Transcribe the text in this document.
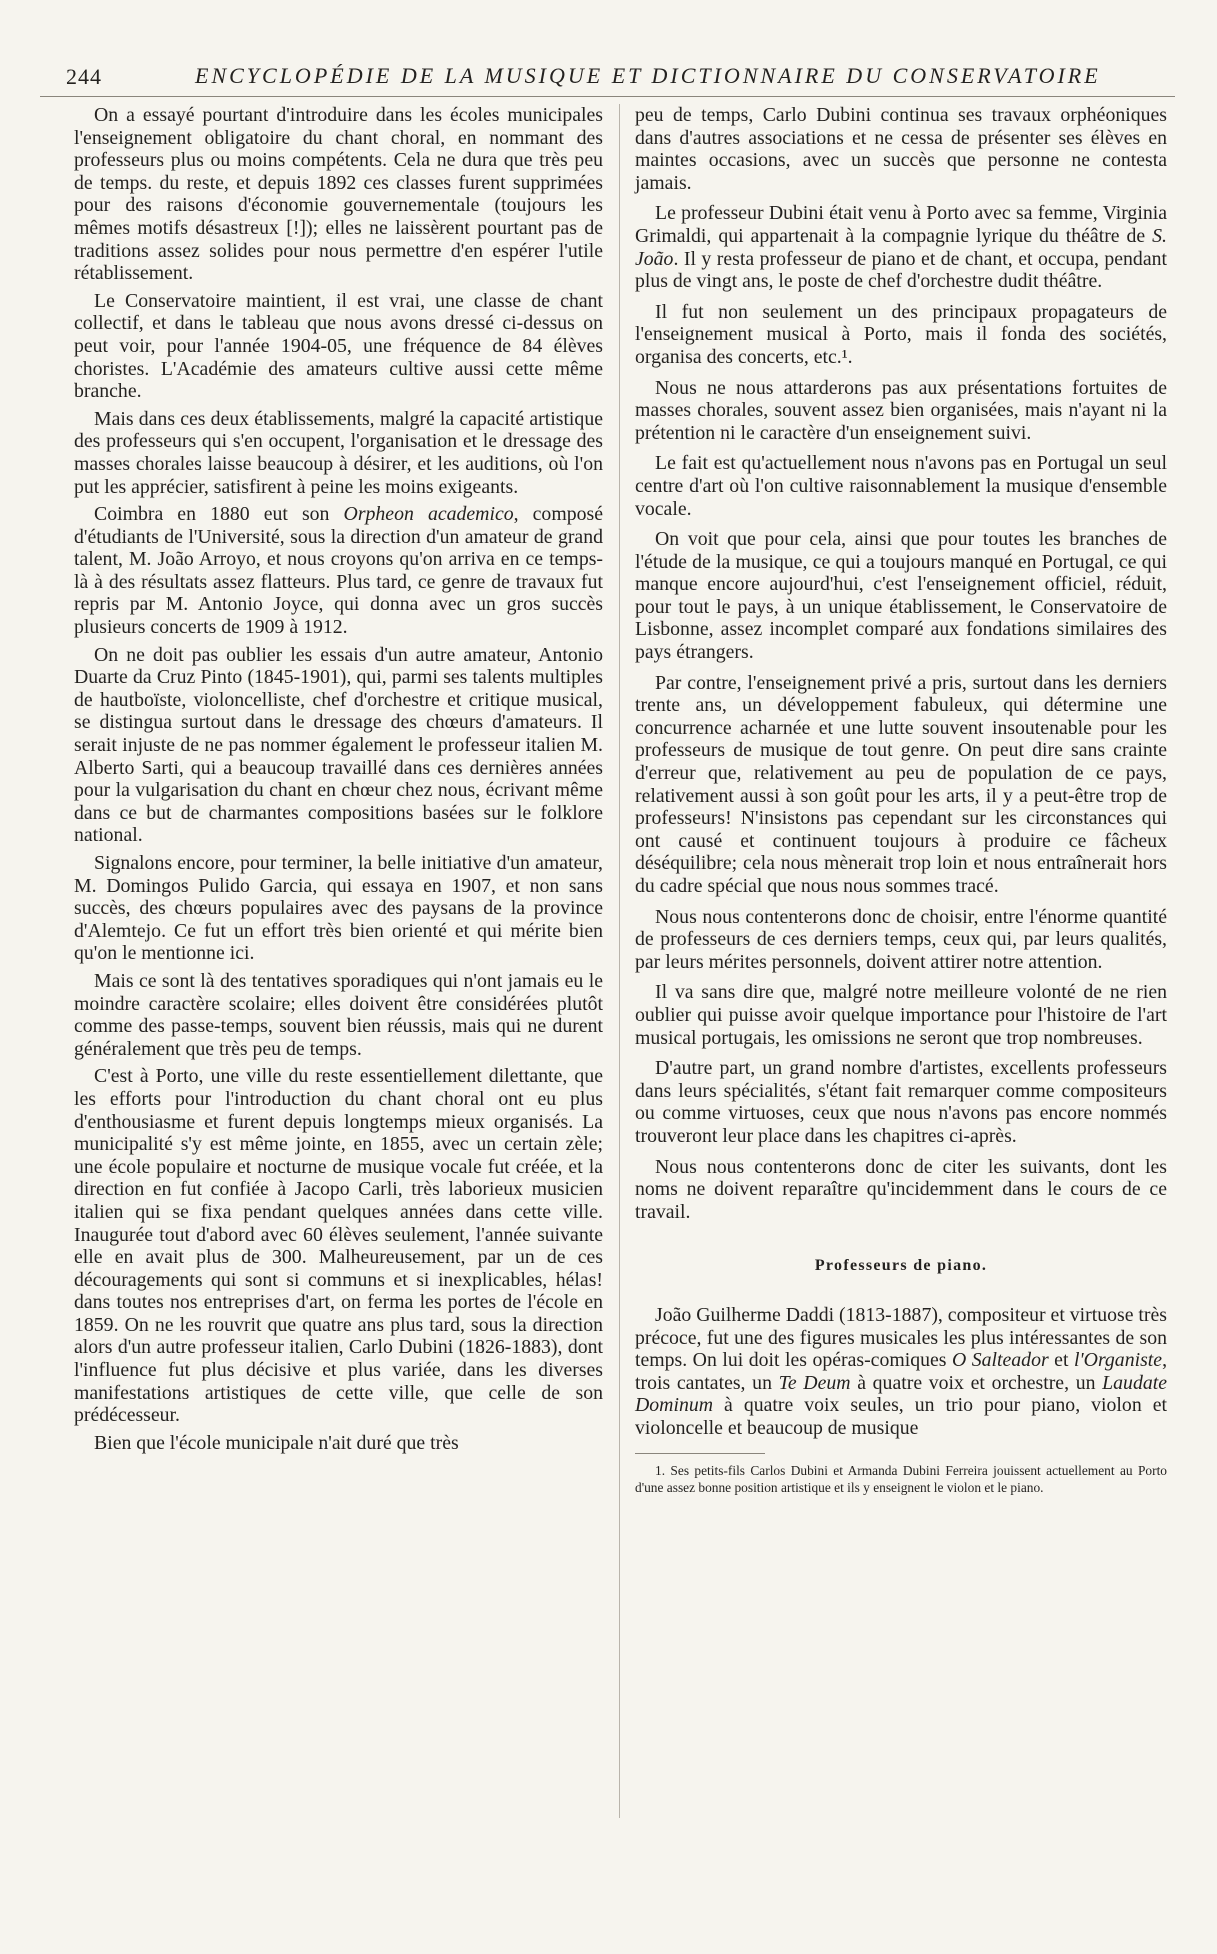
244	ENCYCLOPÉDIE DE LA MUSIQUE ET DICTIONNAIRE DU CONSERVATOIRE

On a essayé pourtant d'introduire dans les écoles municipales l'enseignement obligatoire du chant choral, en nommant des professeurs plus ou moins compétents. Cela ne dura que très peu de temps. du reste, et depuis 1892 ces classes furent supprimées pour des raisons d'économie gouvernementale (toujours les mêmes motifs désastreux [!]); elles ne laissèrent pourtant pas de traditions assez solides pour nous permettre d'en espérer l'utile rétablissement.

Le Conservatoire maintient, il est vrai, une classe de chant collectif, et dans le tableau que nous avons dressé ci-dessus on peut voir, pour l'année 1904-05, une fréquence de 84 élèves choristes. L'Académie des amateurs cultive aussi cette même branche.

Mais dans ces deux établissements, malgré la capacité artistique des professeurs qui s'en occupent, l'organisation et le dressage des masses chorales laisse beaucoup à désirer, et les auditions, où l'on put les apprécier, satisfirent à peine les moins exigeants.

Coimbra en 1880 eut son Orpheon academico, composé d'étudiants de l'Université, sous la direction d'un amateur de grand talent, M. João Arroyo, et nous croyons qu'on arriva en ce temps-là à des résultats assez flatteurs. Plus tard, ce genre de travaux fut repris par M. Antonio Joyce, qui donna avec un gros succès plusieurs concerts de 1909 à 1912.

On ne doit pas oublier les essais d'un autre amateur, Antonio Duarte da Cruz Pinto (1845-1901), qui, parmi ses talents multiples de hautboïste, violoncelliste, chef d'orchestre et critique musical, se distingua surtout dans le dressage des chœurs d'amateurs. Il serait injuste de ne pas nommer également le professeur italien M. Alberto Sarti, qui a beaucoup travaillé dans ces dernières années pour la vulgarisation du chant en chœur chez nous, écrivant même dans ce but de charmantes compositions basées sur le folklore national.

Signalons encore, pour terminer, la belle initiative d'un amateur, M. Domingos Pulido Garcia, qui essaya en 1907, et non sans succès, des chœurs populaires avec des paysans de la province d'Alemtejo. Ce fut un effort très bien orienté et qui mérite bien qu'on le mentionne ici.

Mais ce sont là des tentatives sporadiques qui n'ont jamais eu le moindre caractère scolaire; elles doivent être considérées plutôt comme des passe-temps, souvent bien réussis, mais qui ne durent généralement que très peu de temps.

C'est à Porto, une ville du reste essentiellement dilettante, que les efforts pour l'introduction du chant choral ont eu plus d'enthousiasme et furent depuis longtemps mieux organisés. La municipalité s'y est même jointe, en 1855, avec un certain zèle; une école populaire et nocturne de musique vocale fut créée, et la direction en fut confiée à Jacopo Carli, très laborieux musicien italien qui se fixa pendant quelques années dans cette ville. Inaugurée tout d'abord avec 60 élèves seulement, l'année suivante elle en avait plus de 300. Malheureusement, par un de ces découragements qui sont si communs et si inexplicables, hélas! dans toutes nos entreprises d'art, on ferma les portes de l'école en 1859. On ne les rouvrit que quatre ans plus tard, sous la direction alors d'un autre professeur italien, Carlo Dubini (1826-1883), dont l'influence fut plus décisive et plus variée, dans les diverses manifestations artistiques de cette ville, que celle de son prédécesseur.

Bien que l'école municipale n'ait duré que très

peu de temps, Carlo Dubini continua ses travaux orphéoniques dans d'autres associations et ne cessa de présenter ses élèves en maintes occasions, avec un succès que personne ne contesta jamais.

Le professeur Dubini était venu à Porto avec sa femme, Virginia Grimaldi, qui appartenait à la compagnie lyrique du théâtre de S. João. Il y resta professeur de piano et de chant, et occupa, pendant plus de vingt ans, le poste de chef d'orchestre dudit théâtre.

Il fut non seulement un des principaux propagateurs de l'enseignement musical à Porto, mais il fonda des sociétés, organisa des concerts, etc.¹.

Nous ne nous attarderons pas aux présentations fortuites de masses chorales, souvent assez bien organisées, mais n'ayant ni la prétention ni le caractère d'un enseignement suivi.

Le fait est qu'actuellement nous n'avons pas en Portugal un seul centre d'art où l'on cultive raisonnablement la musique d'ensemble vocale.

On voit que pour cela, ainsi que pour toutes les branches de l'étude de la musique, ce qui a toujours manqué en Portugal, ce qui manque encore aujourd'hui, c'est l'enseignement officiel, réduit, pour tout le pays, à un unique établissement, le Conservatoire de Lisbonne, assez incomplet comparé aux fondations similaires des pays étrangers.

Par contre, l'enseignement privé a pris, surtout dans les derniers trente ans, un développement fabuleux, qui détermine une concurrence acharnée et une lutte souvent insoutenable pour les professeurs de musique de tout genre. On peut dire sans crainte d'erreur que, relativement au peu de population de ce pays, relativement aussi à son goût pour les arts, il y a peut-être trop de professeurs! N'insistons pas cependant sur les circonstances qui ont causé et continuent toujours à produire ce fâcheux déséquilibre; cela nous mènerait trop loin et nous entraînerait hors du cadre spécial que nous nous sommes tracé.

Nous nous contenterons donc de choisir, entre l'énorme quantité de professeurs de ces derniers temps, ceux qui, par leurs qualités, par leurs mérites personnels, doivent attirer notre attention.

Il va sans dire que, malgré notre meilleure volonté de ne rien oublier qui puisse avoir quelque importance pour l'histoire de l'art musical portugais, les omissions ne seront que trop nombreuses.

D'autre part, un grand nombre d'artistes, excellents professeurs dans leurs spécialités, s'étant fait remarquer comme compositeurs ou comme virtuoses, ceux que nous n'avons pas encore nommés trouveront leur place dans les chapitres ci-après.

Nous nous contenterons donc de citer les suivants, dont les noms ne doivent reparaître qu'incidemment dans le cours de ce travail.

Professeurs de piano.

João Guilherme Daddi (1813-1887), compositeur et virtuose très précoce, fut une des figures musicales les plus intéressantes de son temps. On lui doit les opéras-comiques O Salteador et l'Organiste, trois cantates, un Te Deum à quatre voix et orchestre, un Laudate Dominum à quatre voix seules, un trio pour piano, violon et violoncelle et beaucoup de musique

1. Ses petits-fils Carlos Dubini et Armanda Dubini Ferreira jouissent actuellement au Porto d'une assez bonne position artistique et ils y enseignent le violon et le piano.
